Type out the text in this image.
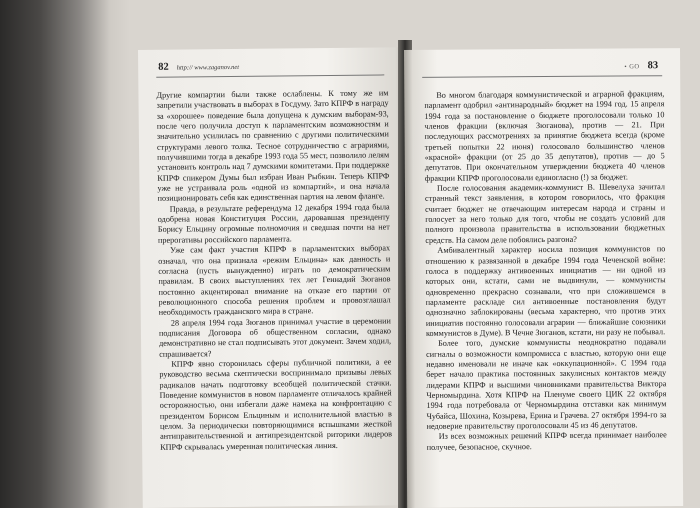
82 http:// www.zaganov.net

Другие компартии были также ослаблены. К тому же им запретили участвовать в выборах в Госдуму. Зато КПРФ в награду за «хорошее» поведение была допущена к думским выборам-93, после чего получила доступ к парламентским возможностям и значительно усилилась по сравнению с другими политическими структурами левого толка. Тесное сотрудничество с аграриями, получившими тогда в декабре 1993 года 55 мест, позволило лелям установить контроль над 7 думскими комитетами. При поддержке КПРФ спикером Думы был избран Иван Рыбкин. Теперь КПРФ уже не устраивала роль «одной из компартий», и она начала позиционировать себя как единственная партия на левом фланге.

Правда, в результате референдума 12 декабря 1994 года была одобрена новая Конституция России, даровавшая президенту Борису Ельцину огромные полномочия и сведшая почти на нет прерогативы российского парламента.

Уже сам факт участия КПРФ в парламентских выборах означал, что она признала «режим Ельцина» как данность и согласна (пусть вынужденно) играть по демократическим правилам. В своих выступлениях тех лет Геннадий Зюганов постоянно акцентировал внимание на отказе его партии от революционного способа решения проблем и провозглашал необходимость гражданского мира в стране.

28 апреля 1994 года Зюганов принимал участие в церемонии подписания Договора об общественном согласии, однако демонстративно не стал подписывать этот документ. Зачем ходил, спрашивается?

КПРФ явно сторонилась сферы публичной политики, а ее руководство весьма скептически воспринимало призывы левых радикалов начать подготовку всеобщей политической стачки. Поведение коммунистов в новом парламенте отличалось крайней осторожностью, они избегали даже намека на конфронтацию с президентом Борисом Ельциным и исполнительной властью в целом. За периодически повторяющимися вспышками жесткой антиправительственной и антипрезидентской риторики лидеров КПРФ скрывалась умеренная политическая линия.

• GO 83

Во многом благодаря коммунистической и аграрной фракциям, парламент одобрил «антинародный» бюджет на 1994 год. 15 апреля 1994 года за постановление о бюджете проголосовали только 10 членов фракции (включая Зюганова), против — 21. При последующих рассмотрениях за принятие бюджета всегда (кроме третьей попытки 22 июня) голосовало большинство членов «красной» фракции (от 25 до 35 депутатов), против — до 5 депутатов. При окончательном утверждении бюджета 40 членов фракции КПРФ проголосовали единогласно (!) за бюджет.

После голосования академик-коммунист В. Шевелуха зачитал странный текст заявления, в котором говорилось, что фракция считает бюджет не отвечающим интересам народа и страны и голосует за него только для того, чтобы не создать условий для полного произвола правительства в использовании бюджетных средств. На самом деле побоялись разгона?

Амбивалентный характер носила позиция коммунистов по отношению к развязанной в декабре 1994 года Чеченской войне: голоса в поддержку антивоенных инициатив — ни одной из которых они, кстати, сами не выдвинули, — коммунисты одновременно прекрасно сознавали, что при сложившемся в парламенте раскладе сил антивоенные постановления будут однозначно заблокированы (весьма характерно, что против этих инициатив постоянно голосовали аграрии — ближайшие союзники коммунистов в Думе). В Чечне Зюганов, кстати, ни разу не побывал.

Более того, думские коммунисты неоднократно подавали сигналы о возможности компромисса с властью, которую они еще недавно именовали не иначе как «оккупационной». С 1994 года берет начало практика постоянных закулисных контактов между лидерами КПРФ и высшими чиновниками правительства Виктора Черномырдина. Хотя КПРФ на Пленуме своего ЦИК 22 октября 1994 года потребовала от Черномырдина отставки как минимум Чубайса, Шохина, Козырева, Ерина и Грачева. 27 октября 1994-го за недоверие правительству проголосовали 45 из 46 депутатов.

Из всех возможных решений КПРФ всегда принимает наиболее получее, безопасное, скучное.
